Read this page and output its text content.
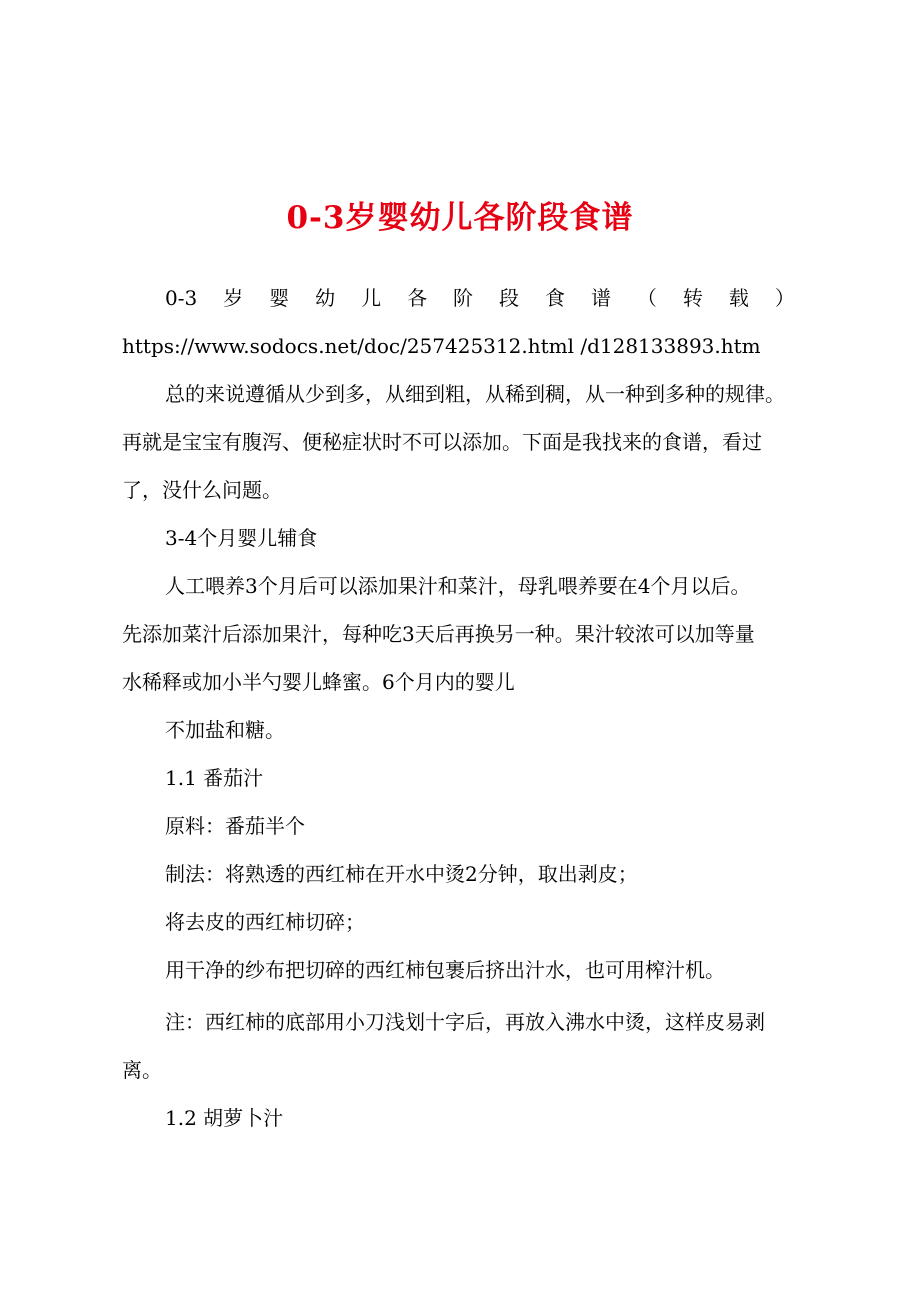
0-3岁婴幼儿各阶段食谱
0-3 岁 婴 幼 儿 各 阶 段 食 谱 （ 转 载 ）
https://www.sodocs.net/doc/257425312.html /d128133893.htm
总的来说遵循从少到多，从细到粗，从稀到稠，从一种到多种的规律。
再就是宝宝有腹泻、便秘症状时不可以添加。下面是我找来的食谱，看过
了，没什么问题。
3-4个月婴儿辅食
人工喂养3个月后可以添加果汁和菜汁，母乳喂养要在4个月以后。
先添加菜汁后添加果汁，每种吃3天后再换另一种。果汁较浓可以加等量
水稀释或加小半勺婴儿蜂蜜。6个月内的婴儿
不加盐和糖。
1.1 番茄汁
原料：番茄半个
制法：将熟透的西红柿在开水中烫2分钟，取出剥皮；
将去皮的西红柿切碎；
用干净的纱布把切碎的西红柿包裹后挤出汁水，也可用榨汁机。
注：西红柿的底部用小刀浅划十字后，再放入沸水中烫，这样皮易剥
离。
1.2 胡萝卜汁
